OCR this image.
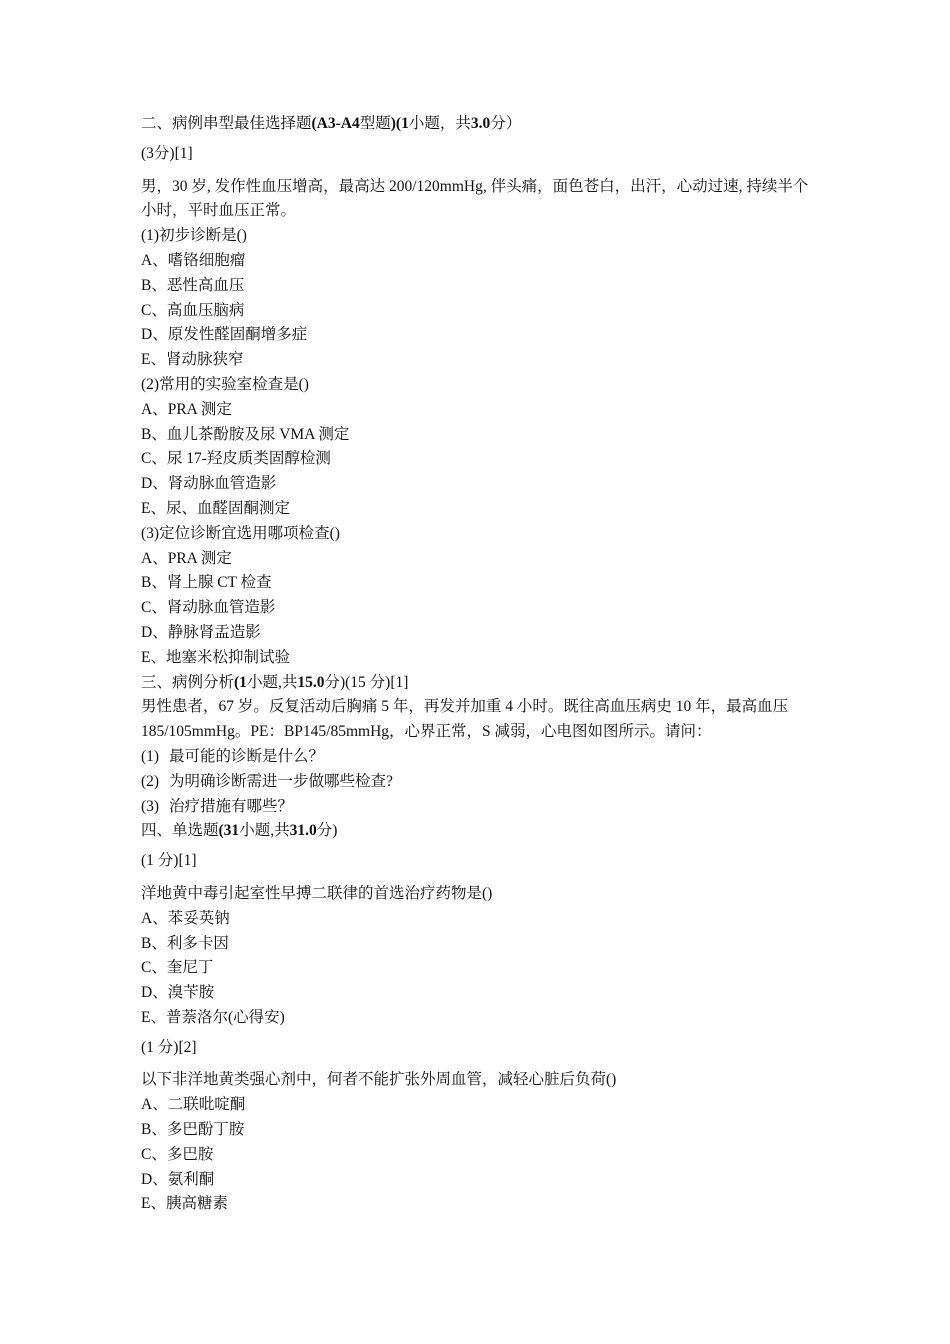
二、病例串型最佳选择题(A3-A4型题)(1小题，共3.0分）
(3分)[1]
男，30 岁, 发作性血压增高，最高达 200/120mmHg, 伴头痛，面色苍白，出汗，心动过速, 持续半个小时，平时血压正常。
(1)初步诊断是()
A、嗜铬细胞瘤
B、恶性高血压
C、高血压脑病
D、原发性醛固酮增多症
E、肾动脉狭窄
(2)常用的实验室检查是()
A、PRA 测定
B、血儿茶酚胺及尿 VMA 测定
C、尿 17-羟皮质类固醇检测
D、肾动脉血管造影
E、尿、血醛固酮测定
(3)定位诊断宜选用哪项检查()
A、PRA 测定
B、肾上腺 CT 检查
C、肾动脉血管造影
D、静脉肾盂造影
E、地塞米松抑制试验
三、病例分析(1小题,共15.0分)(15 分)[1]
男性患者，67 岁。反复活动后胸痛 5 年，再发并加重 4 小时。既往高血压病史 10 年，最高血压 185/105mmHg。PE：BP145/85mmHg，心界正常，S 减弱，心电图如图所示。请问：
(1) 最可能的诊断是什么？
(2) 为明确诊断需进一步做哪些检查?
(3) 治疗措施有哪些？
四、单选题(31小题,共31.0分)
(1 分)[1]
洋地黄中毒引起室性早搏二联律的首选治疗药物是()
A、苯妥英钠
B、利多卡因
C、奎尼丁
D、溴苄胺
E、普萘洛尔(心得安)
(1 分)[2]
以下非洋地黄类强心剂中，何者不能扩张外周血管，减轻心脏后负荷()
A、二联吡啶酮
B、多巴酚丁胺
C、多巴胺
D、氨利酮
E、胰高糖素
